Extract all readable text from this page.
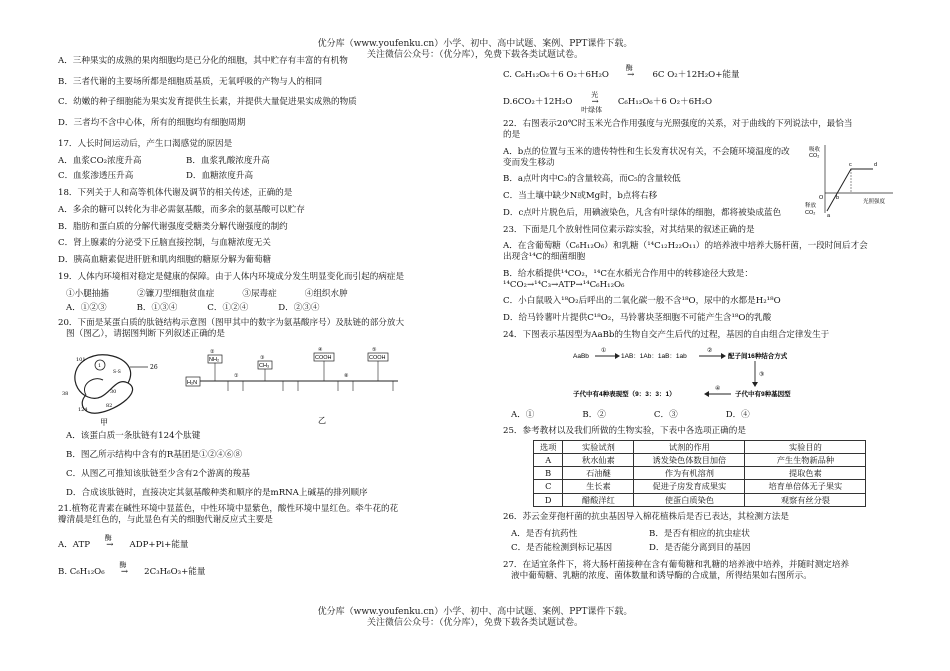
优分库（www.youfenku.cn）小学、初中、高中试题、案例、PPT课件下载。
关注微信公众号：（优分库），免费下载各类试题试卷。

A．三种果实的成熟的果肉细胞均是已分化的细胞，其中贮存有丰富的有机物

B．三者代谢的主要场所都是细胞质基质，无氧呼吸的产物与人的相同

C．幼嫩的种子细胞能为果实发育提供生长素，并提供大量促进果实成熟的物质

D．三者均不含中心体，所有的细胞均有细胞周期

17．人长时间运动后，产生口渴感觉的原因是

A．血浆CO₂浓度升高	B．血浆乳酸浓度升高
C．血浆渗透压升高	D．血糖浓度升高

18．下列关于人和高等机体代谢及调节的相关传述，正确的是

A．多余的糖可以转化为非必需氨基酸，而多余的氨基酸可以贮存

B．脂肪和蛋白质的分解代谢强度受糖类分解代谢强度的制约

C．肾上腺素的分泌受下丘脑直接控制，与血糖浓度无关

D．胰高血糖素促进肝脏和肌肉细胞的糖原分解为葡萄糖

19．人体内环境相对稳定是健康的保障。由于人体内环境成分发生明显变化而引起的病症是

①小腿抽搐	②镰刀型细胞贫血症	③尿毒症	④组织水肿
A．①②③	B．①③④	C．①②④	D．②③④

20．下面是某蛋白质的肽链结构示意图（图甲其中的数字为氨基酸序号）及肽链的部分放大

图（图乙），请据图判断下列叙述正确的是

1	26
30
38
82
101
124
S-S
甲
H₂N
NH₂
②
CH₃
③	COOH
④
COOH
⑤
①	⑧
乙

A．该蛋白质一条肽链有124个肽键

B．图乙所示结构中含有的R基团是①②④⑥⑧

C．从图乙可推知该肽链至少含有2个游离的羧基

D．合成该肽链时，直接决定其氨基酸种类和顺序的是mRNA上碱基的排列顺序

21.植物花青素在碱性环境中显蓝色，中性环境中显紫色，酸性环境中显红色。牵牛花的花

瓣清晨是红色的，与此显色有关的细胞代谢反应式主要是

A．ATP
酶
→ ADP+Pi+能量

B. C₆H₁₂O₆
酶
→ 2C₃H₆O₃+能量

C. C₆H₁₂O₆＋6 O₂＋6H₂O
酶
→ 6C O₂＋12H₂O+能量

D.6CO₂＋12H₂O
光
→
叶绿体
C₆H₁₂O₆＋6 O₂＋6H₂O

22．右图表示20℃时玉米光合作用强度与光照强度的关系，对于曲线的下列说法中，最恰当

的是

A．b点的位置与玉米的遗传特性和生长发育状况有关，不会随环境温度的改变而发生移动

B．a点叶肉中C₃的含量较高，而C₅的含量较低

C．当土壤中缺少N或Mg时，b点将右移

D．c点叶片脱色后，用碘液染色，凡含有叶绿体的细胞，都将被染成蓝色

吸收
CO₂
释放
CO₂
光照强度
O
a
b
c	d

23．下面是几个放射性同位素示踪实验，对其结果的叙述正确的是

A．在含葡萄糖（C₆H₁₂O₆）和乳糖（¹⁴C₁₂H₂₂O₁₁）的培养液中培养大肠杆菌，一段时间后才会

出现含¹⁴C的细菌细胞

B．给水稻提供¹⁴CO₂，¹⁴C在水稻光合作用中的转移途径大致是：

¹⁴CO₂→¹⁴C₃→ATP→¹⁴C₆H₁₂O₆

C．小白鼠吸入¹⁸O₂后呼出的二氧化碳一般不含¹⁸O，尿中的水都是H₂¹⁸O

D．给马铃薯叶片提供C¹⁸O₂，马铃薯块茎细胞不可能产生含¹⁸O的乳酸

24．下图表示基因型为AaBb的生物自交产生后代的过程，基因的自由组合定律发生于

AaBb
①
1AB：1Ab：1aB：1ab
②
配子间16种结合方式
③
子代中有9种基因型
④
子代中有4种表现型（9：3：3：1）
A．①	B．②	C．③	D．④

25．参考教材以及我们所做的生物实验，下表中各选项正确的是

选项	实验试剂	试剂的作用	实验目的
A	秋水仙素	诱发染色体数目加倍	产生生物新品种
B	石油醚	作为有机溶剂	提取色素
C	生长素	促进子房发育成果实	培育单倍体无子果实
D	醋酸洋红	使蛋白质染色	观察有丝分裂

26．苏云金芽孢杆菌的抗虫基因导入棉花植株后是否已表达，其检测方法是

A．是否有抗药性	B．是否有相应的抗虫症状
C．是否能检测到标记基因	D．是否能分离到目的基因

27．在适宜条件下，将大肠杆菌接种在含有葡萄糖和乳糖的培养液中培养，并随时测定培养

液中葡萄糖、乳糖的浓度、菌体数量和诱导酶的合成量，所得结果如右图所示。

优分库（www.youfenku.cn）小学、初中、高中试题、案例、PPT课件下载。
关注微信公众号：（优分库），免费下载各类试题试卷。
